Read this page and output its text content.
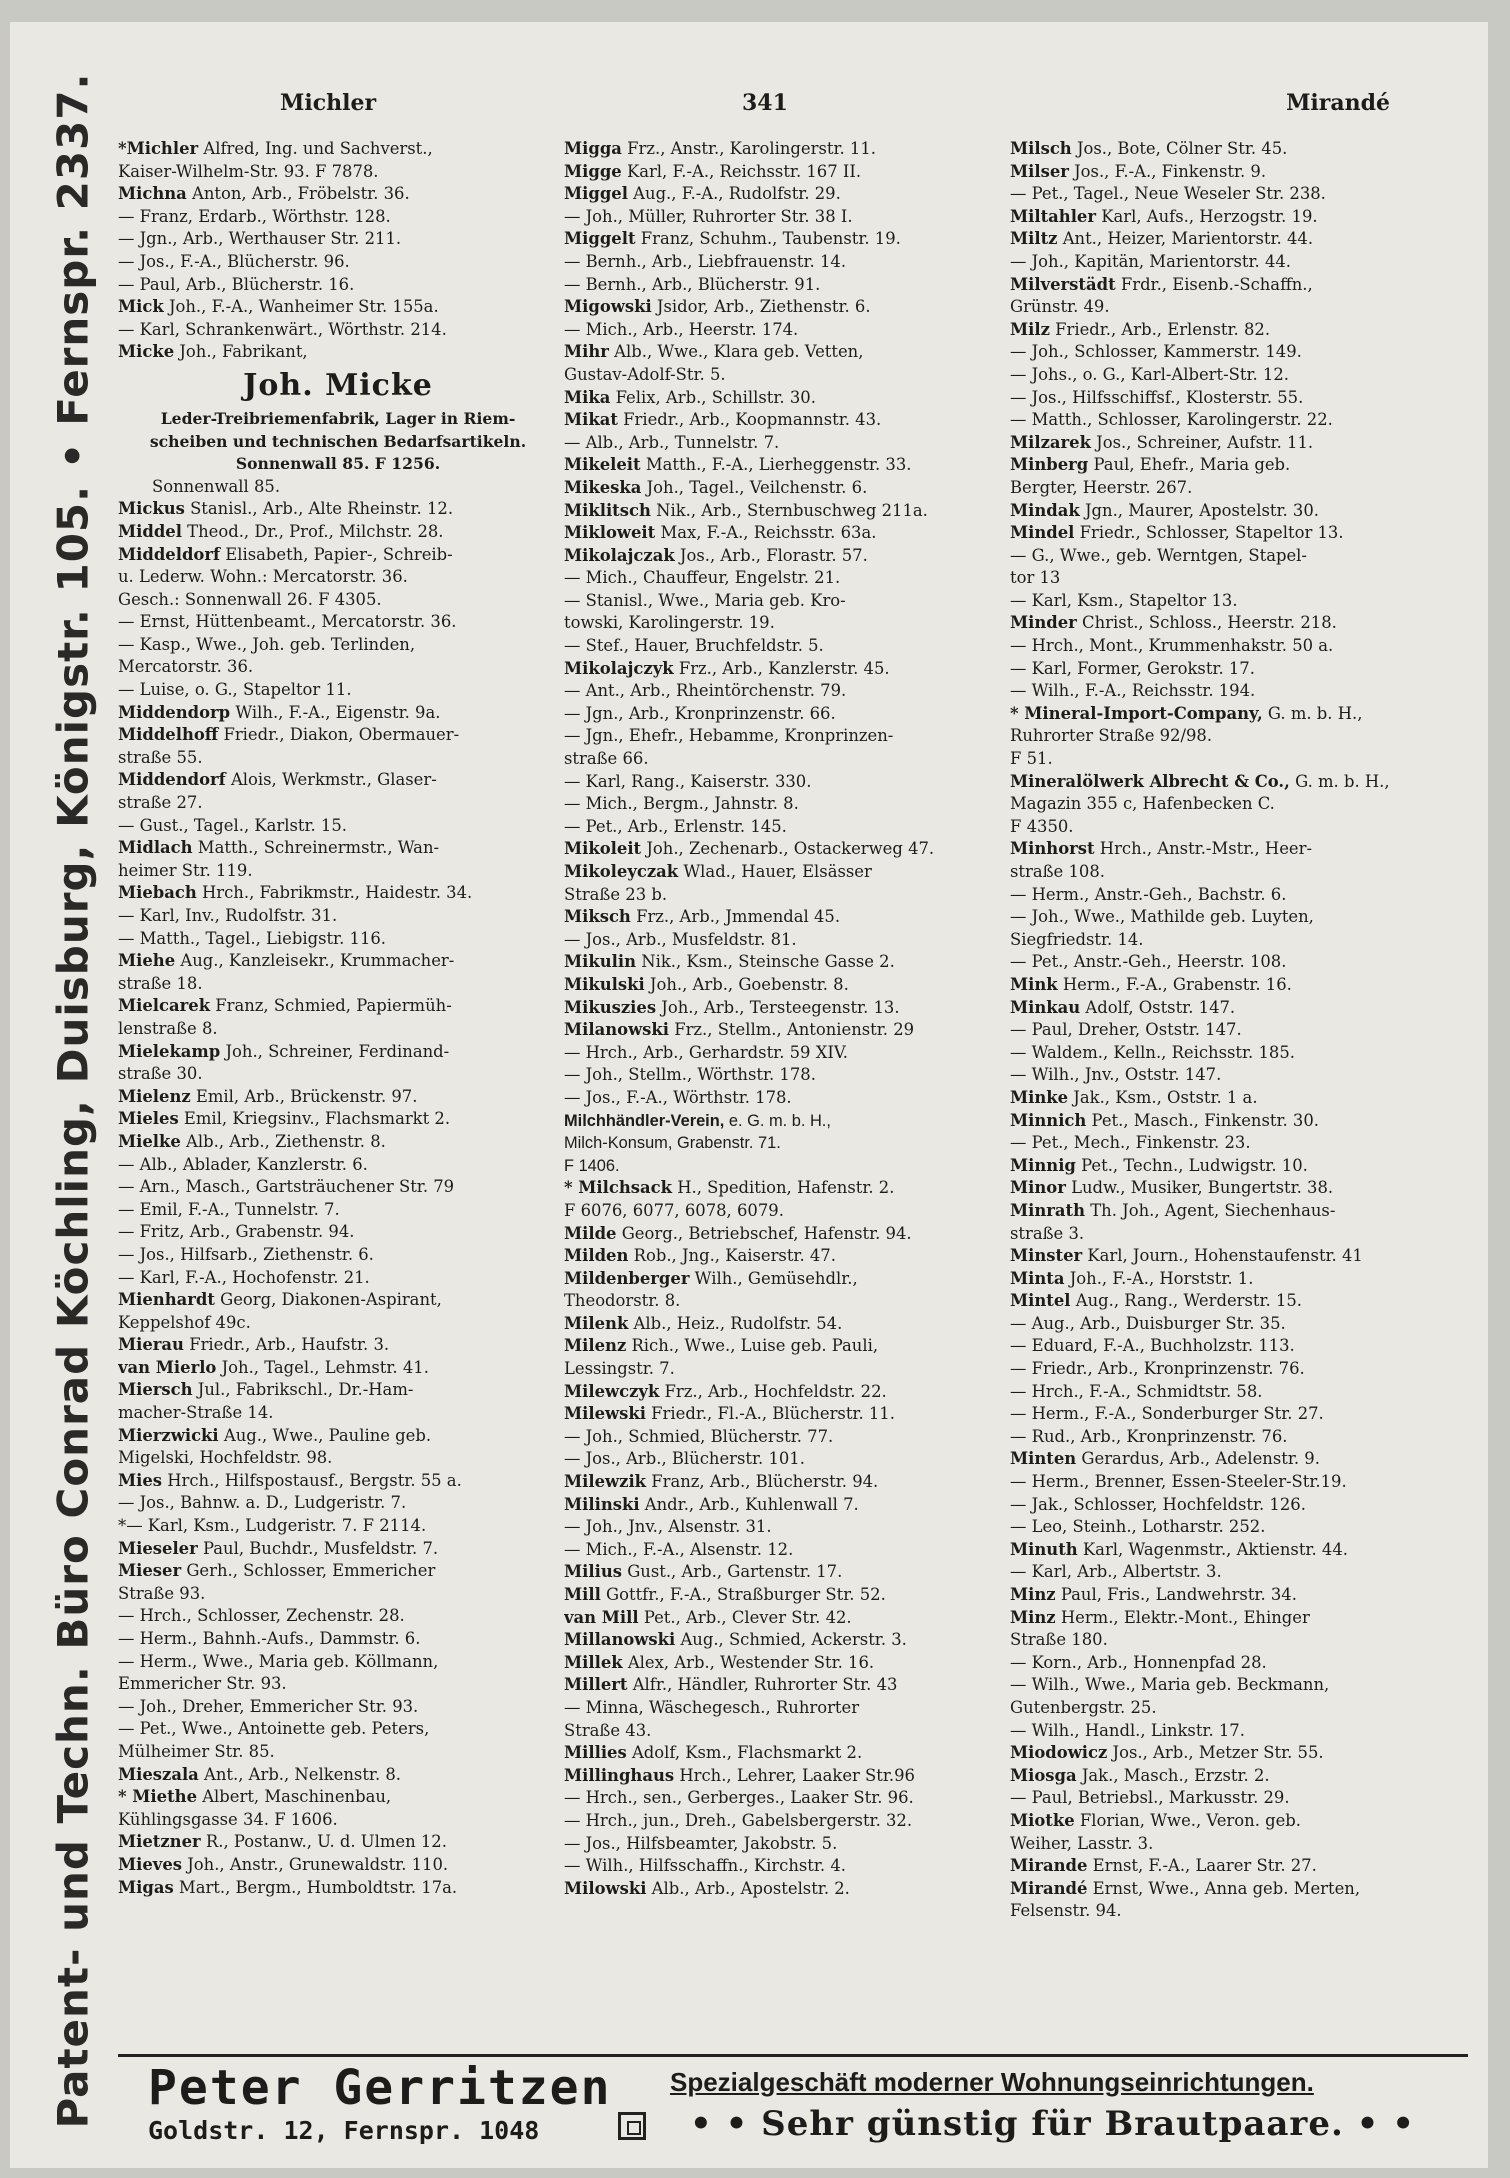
Patent- und Techn. Büro Conrad Köchling, Duisburg, Königstr. 105. • Fernspr. 2337.	Michler	341	Mirandé
*Michler Alfred, Ing. und Sachverst.,
Kaiser-Wilhelm-Str. 93. F 7878.
Michna Anton, Arb., Fröbelstr. 36.
— Franz, Erdarb., Wörthstr. 128.
— Jgn., Arb., Werthauser Str. 211.
— Jos., F.-A., Blücherstr. 96.
— Paul, Arb., Blücherstr. 16.
Mick Joh., F.-A., Wanheimer Str. 155a.
— Karl, Schrankenwärt., Wörthstr. 214.
Micke Joh., Fabrikant,
Joh. Micke
Leder-Treibriemenfabrik, Lager in Riem-
scheiben und technischen Bedarfsartikeln.
Sonnenwall 85. F 1256.
Sonnenwall 85.
Mickus Stanisl., Arb., Alte Rheinstr. 12.
Middel Theod., Dr., Prof., Milchstr. 28.
Middeldorf Elisabeth, Papier-, Schreib-
u. Lederw. Wohn.: Mercatorstr. 36.
Gesch.: Sonnenwall 26. F 4305.
— Ernst, Hüttenbeamt., Mercatorstr. 36.
— Kasp., Wwe., Joh. geb. Terlinden,
Mercatorstr. 36.
— Luise, o. G., Stapeltor 11.
Middendorp Wilh., F.-A., Eigenstr. 9a.
Middelhoff Friedr., Diakon, Obermauer-
straße 55.
Middendorf Alois, Werkmstr., Glaser-
straße 27.
— Gust., Tagel., Karlstr. 15.
Midlach Matth., Schreinermstr., Wan-
heimer Str. 119.
Miebach Hrch., Fabrikmstr., Haidestr. 34.
— Karl, Inv., Rudolfstr. 31.
— Matth., Tagel., Liebigstr. 116.
Miehe Aug., Kanzleisekr., Krummacher-
straße 18.
Mielcarek Franz, Schmied, Papiermüh-
lenstraße 8.
Mielekamp Joh., Schreiner, Ferdinand-
straße 30.
Mielenz Emil, Arb., Brückenstr. 97.
Mieles Emil, Kriegsinv., Flachsmarkt 2.
Mielke Alb., Arb., Ziethenstr. 8.
— Alb., Ablader, Kanzlerstr. 6.
— Arn., Masch., Gartsträuchener Str. 79
— Emil, F.-A., Tunnelstr. 7.
— Fritz, Arb., Grabenstr. 94.
— Jos., Hilfsarb., Ziethenstr. 6.
— Karl, F.-A., Hochofenstr. 21.
Mienhardt Georg, Diakonen-Aspirant,
Keppelshof 49c.
Mierau Friedr., Arb., Haufstr. 3.
van Mierlo Joh., Tagel., Lehmstr. 41.
Miersch Jul., Fabrikschl., Dr.-Ham-
macher-Straße 14.
Mierzwicki Aug., Wwe., Pauline geb.
Migelski, Hochfeldstr. 98.
Mies Hrch., Hilfspostausf., Bergstr. 55 a.
— Jos., Bahnw. a. D., Ludgeristr. 7.
*— Karl, Ksm., Ludgeristr. 7. F 2114.
Mieseler Paul, Buchdr., Musfeldstr. 7.
Mieser Gerh., Schlosser, Emmericher
Straße 93.
— Hrch., Schlosser, Zechenstr. 28.
— Herm., Bahnh.-Aufs., Dammstr. 6.
— Herm., Wwe., Maria geb. Köllmann,
Emmericher Str. 93.
— Joh., Dreher, Emmericher Str. 93.
— Pet., Wwe., Antoinette geb. Peters,
Mülheimer Str. 85.
Mieszala Ant., Arb., Nelkenstr. 8.
* Miethe Albert, Maschinenbau,
Kühlingsgasse 34. F 1606.
Mietzner R., Postanw., U. d. Ulmen 12.
Mieves Joh., Anstr., Grunewaldstr. 110.
Migas Mart., Bergm., Humboldtstr. 17a.
Migga Frz., Anstr., Karolingerstr. 11.
Migge Karl, F.-A., Reichsstr. 167 II.
Miggel Aug., F.-A., Rudolfstr. 29.
— Joh., Müller, Ruhrorter Str. 38 I.
Miggelt Franz, Schuhm., Taubenstr. 19.
— Bernh., Arb., Liebfrauenstr. 14.
— Bernh., Arb., Blücherstr. 91.
Migowski Jsidor, Arb., Ziethenstr. 6.
— Mich., Arb., Heerstr. 174.
Mihr Alb., Wwe., Klara geb. Vetten,
Gustav-Adolf-Str. 5.
Mika Felix, Arb., Schillstr. 30.
Mikat Friedr., Arb., Koopmannstr. 43.
— Alb., Arb., Tunnelstr. 7.
Mikeleit Matth., F.-A., Lierheggenstr. 33.
Mikeska Joh., Tagel., Veilchenstr. 6.
Miklitsch Nik., Arb., Sternbuschweg 211a.
Mikloweit Max, F.-A., Reichsstr. 63a.
Mikolajczak Jos., Arb., Florastr. 57.
— Mich., Chauffeur, Engelstr. 21.
— Stanisl., Wwe., Maria geb. Kro-
towski, Karolingerstr. 19.
— Stef., Hauer, Bruchfeldstr. 5.
Mikolajczyk Frz., Arb., Kanzlerstr. 45.
— Ant., Arb., Rheintörchenstr. 79.
— Jgn., Arb., Kronprinzenstr. 66.
— Jgn., Ehefr., Hebamme, Kronprinzen-
straße 66.
— Karl, Rang., Kaiserstr. 330.
— Mich., Bergm., Jahnstr. 8.
— Pet., Arb., Erlenstr. 145.
Mikoleit Joh., Zechenarb., Ostackerweg 47.
Mikoleyczak Wlad., Hauer, Elsässer
Straße 23 b.
Miksch Frz., Arb., Jmmendal 45.
— Jos., Arb., Musfeldstr. 81.
Mikulin Nik., Ksm., Steinsche Gasse 2.
Mikulski Joh., Arb., Goebenstr. 8.
Mikuszies Joh., Arb., Tersteegenstr. 13.
Milanowski Frz., Stellm., Antonienstr. 29
— Hrch., Arb., Gerhardstr. 59 XIV.
— Joh., Stellm., Wörthstr. 178.
— Jos., F.-A., Wörthstr. 178.
Milchhändler-Verein, e. G. m. b. H.,
Milch-Konsum, Grabenstr. 71.
F 1406.
* Milchsack H., Spedition, Hafenstr. 2.
F 6076, 6077, 6078, 6079.
Milde Georg., Betriebschef, Hafenstr. 94.
Milden Rob., Jng., Kaiserstr. 47.
Mildenberger Wilh., Gemüsehdlr.,
Theodorstr. 8.
Milenk Alb., Heiz., Rudolfstr. 54.
Milenz Rich., Wwe., Luise geb. Pauli,
Lessingstr. 7.
Milewczyk Frz., Arb., Hochfeldstr. 22.
Milewski Friedr., Fl.-A., Blücherstr. 11.
— Joh., Schmied, Blücherstr. 77.
— Jos., Arb., Blücherstr. 101.
Milewzik Franz, Arb., Blücherstr. 94.
Milinski Andr., Arb., Kuhlenwall 7.
— Joh., Jnv., Alsenstr. 31.
— Mich., F.-A., Alsenstr. 12.
Milius Gust., Arb., Gartenstr. 17.
Mill Gottfr., F.-A., Straßburger Str. 52.
van Mill Pet., Arb., Clever Str. 42.
Millanowski Aug., Schmied, Ackerstr. 3.
Millek Alex, Arb., Westender Str. 16.
Millert Alfr., Händler, Ruhrorter Str. 43
— Minna, Wäschegesch., Ruhrorter
Straße 43.
Millies Adolf, Ksm., Flachsmarkt 2.
Millinghaus Hrch., Lehrer, Laaker Str.96
— Hrch., sen., Gerberges., Laaker Str. 96.
— Hrch., jun., Dreh., Gabelsbergerstr. 32.
— Jos., Hilfsbeamter, Jakobstr. 5.
— Wilh., Hilfsschaffn., Kirchstr. 4.
Milowski Alb., Arb., Apostelstr. 2.
Milsch Jos., Bote, Cölner Str. 45.
Milser Jos., F.-A., Finkenstr. 9.
— Pet., Tagel., Neue Weseler Str. 238.
Miltahler Karl, Aufs., Herzogstr. 19.
Miltz Ant., Heizer, Marientorstr. 44.
— Joh., Kapitän, Marientorstr. 44.
Milverstädt Frdr., Eisenb.-Schaffn.,
Grünstr. 49.
Milz Friedr., Arb., Erlenstr. 82.
— Joh., Schlosser, Kammerstr. 149.
— Johs., o. G., Karl-Albert-Str. 12.
— Jos., Hilfsschiffsf., Klosterstr. 55.
— Matth., Schlosser, Karolingerstr. 22.
Milzarek Jos., Schreiner, Aufstr. 11.
Minberg Paul, Ehefr., Maria geb.
Bergter, Heerstr. 267.
Mindak Jgn., Maurer, Apostelstr. 30.
Mindel Friedr., Schlosser, Stapeltor 13.
— G., Wwe., geb. Werntgen, Stapel-
tor 13
— Karl, Ksm., Stapeltor 13.
Minder Christ., Schloss., Heerstr. 218.
— Hrch., Mont., Krummenhakstr. 50 a.
— Karl, Former, Gerokstr. 17.
— Wilh., F.-A., Reichsstr. 194.
* Mineral-Import-Company, G. m. b. H.,
Ruhrorter Straße 92/98.
F 51.
Mineralölwerk Albrecht & Co., G. m. b. H.,
Magazin 355 c, Hafenbecken C.
F 4350.
Minhorst Hrch., Anstr.-Mstr., Heer-
straße 108.
— Herm., Anstr.-Geh., Bachstr. 6.
— Joh., Wwe., Mathilde geb. Luyten,
Siegfriedstr. 14.
— Pet., Anstr.-Geh., Heerstr. 108.
Mink Herm., F.-A., Grabenstr. 16.
Minkau Adolf, Oststr. 147.
— Paul, Dreher, Oststr. 147.
— Waldem., Kelln., Reichsstr. 185.
— Wilh., Jnv., Oststr. 147.
Minke Jak., Ksm., Oststr. 1 a.
Minnich Pet., Masch., Finkenstr. 30.
— Pet., Mech., Finkenstr. 23.
Minnig Pet., Techn., Ludwigstr. 10.
Minor Ludw., Musiker, Bungertstr. 38.
Minrath Th. Joh., Agent, Siechenhaus-
straße 3.
Minster Karl, Journ., Hohenstaufenstr. 41
Minta Joh., F.-A., Horststr. 1.
Mintel Aug., Rang., Werderstr. 15.
— Aug., Arb., Duisburger Str. 35.
— Eduard, F.-A., Buchholzstr. 113.
— Friedr., Arb., Kronprinzenstr. 76.
— Hrch., F.-A., Schmidtstr. 58.
— Herm., F.-A., Sonderburger Str. 27.
— Rud., Arb., Kronprinzenstr. 76.
Minten Gerardus, Arb., Adelenstr. 9.
— Herm., Brenner, Essen-Steeler-Str.19.
— Jak., Schlosser, Hochfeldstr. 126.
— Leo, Steinh., Lotharstr. 252.
Minuth Karl, Wagenmstr., Aktienstr. 44.
— Karl, Arb., Albertstr. 3.
Minz Paul, Fris., Landwehrstr. 34.
Minz Herm., Elektr.-Mont., Ehinger
Straße 180.
— Korn., Arb., Honnenpfad 28.
— Wilh., Wwe., Maria geb. Beckmann,
Gutenbergstr. 25.
— Wilh., Handl., Linkstr. 17.
Miodowicz Jos., Arb., Metzer Str. 55.
Miosga Jak., Masch., Erzstr. 2.
— Paul, Betriebsl., Markusstr. 29.
Miotke Florian, Wwe., Veron. geb.
Weiher, Lasstr. 3.
Mirande Ernst, F.-A., Laarer Str. 27.
Mirandé Ernst, Wwe., Anna geb. Merten,
Felsenstr. 94.
Peter Gerritzen
Goldstr. 12, Fernspr. 1048
Spezialgeschäft moderner Wohnungseinrichtungen.
• • Sehr günstig für Brautpaare. • •
